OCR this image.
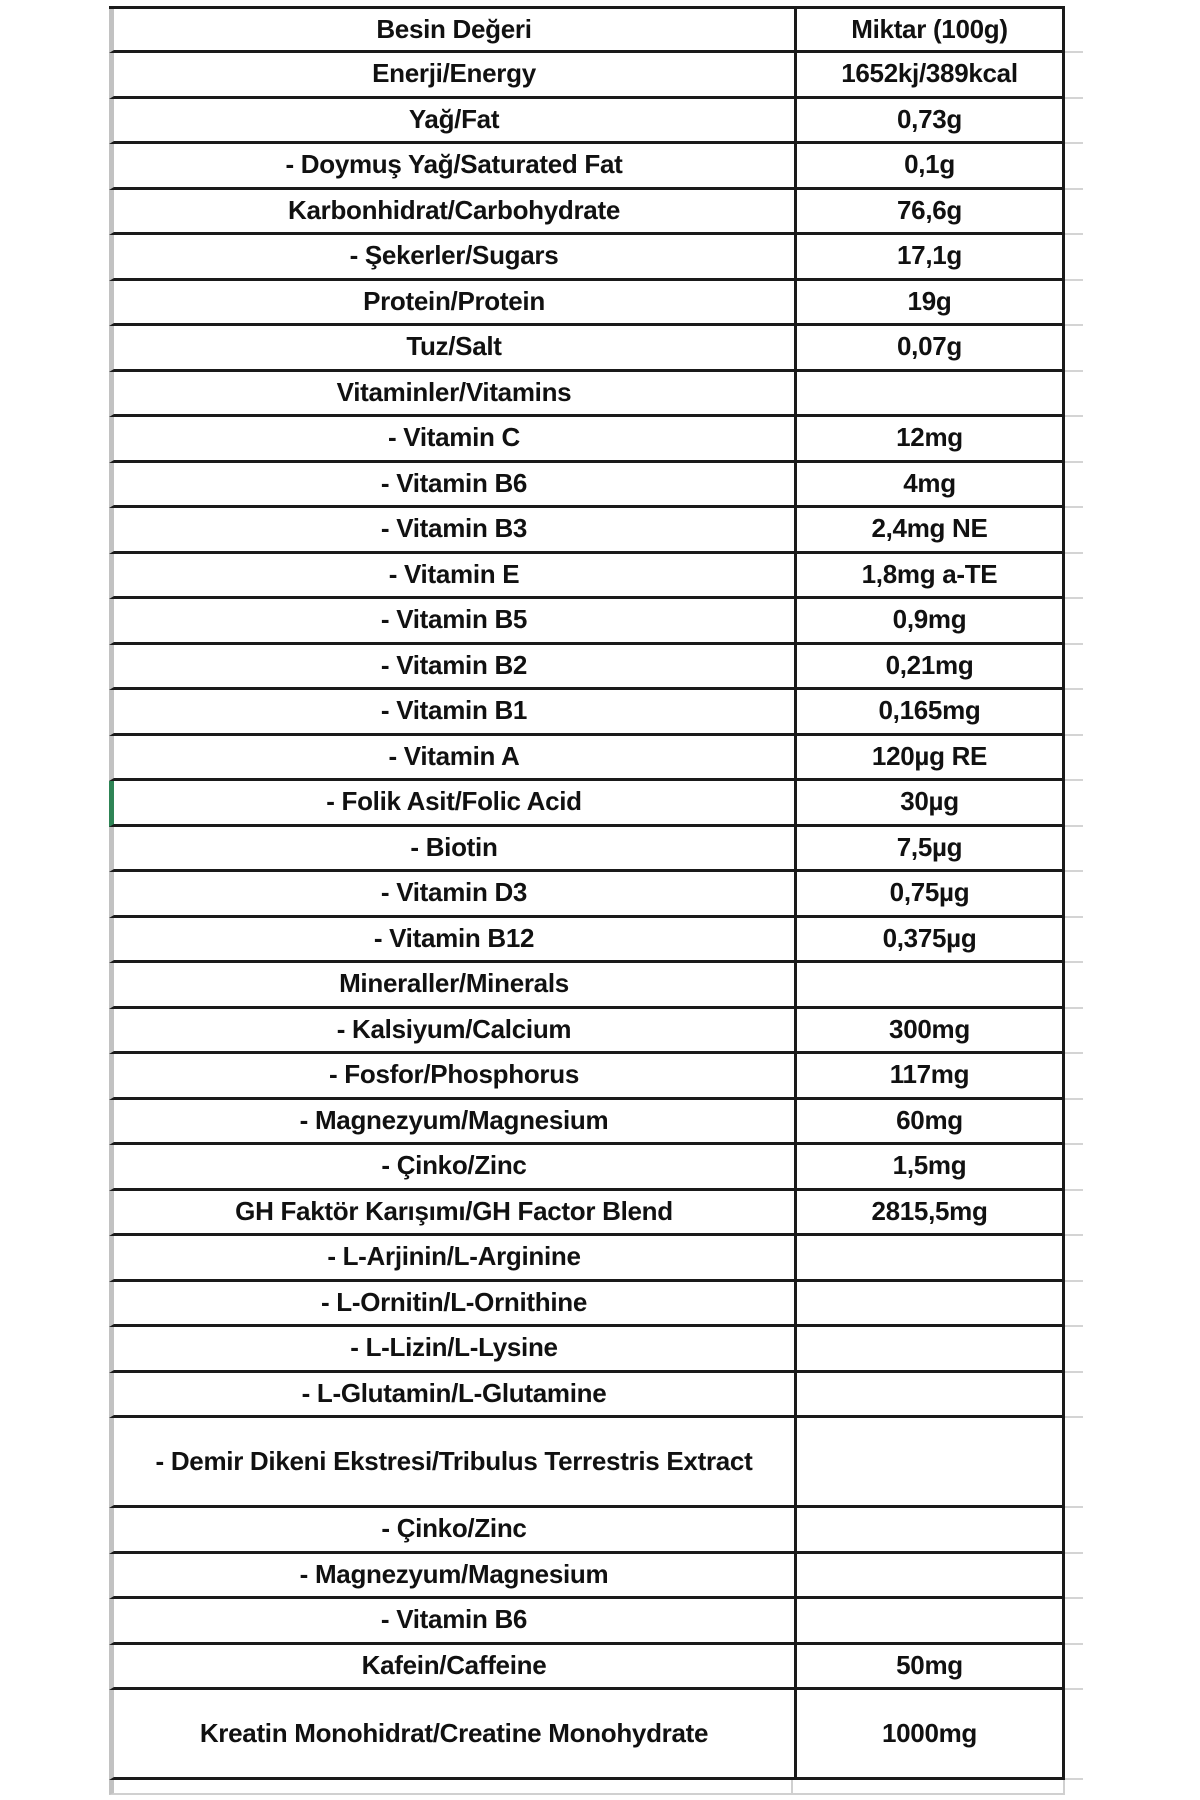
Besin Değeri	Miktar (100g)
Enerji/Energy	1652kj/389kcal
Yağ/Fat	0,73g
- Doymuş Yağ/Saturated Fat	0,1g
Karbonhidrat/Carbohydrate	76,6g
- Şekerler/Sugars	17,1g
Protein/Protein	19g
Tuz/Salt	0,07g
Vitaminler/Vitamins
- Vitamin C	12mg
- Vitamin B6	4mg
- Vitamin B3	2,4mg NE
- Vitamin E	1,8mg a-TE
- Vitamin B5	0,9mg
- Vitamin B2	0,21mg
- Vitamin B1	0,165mg
- Vitamin A	120µg RE
- Folik Asit/Folic Acid	30µg
- Biotin	7,5µg
- Vitamin D3	0,75µg
- Vitamin B12	0,375µg
Mineraller/Minerals
- Kalsiyum/Calcium	300mg
- Fosfor/Phosphorus	117mg
- Magnezyum/Magnesium	60mg
- Çinko/Zinc	1,5mg
GH Faktör Karışımı/GH Factor Blend	2815,5mg
- L-Arjinin/L-Arginine
- L-Ornitin/L-Ornithine
- L-Lizin/L-Lysine
- L-Glutamin/L-Glutamine
- Demir Dikeni Ekstresi/Tribulus Terrestris Extract
- Çinko/Zinc
- Magnezyum/Magnesium
- Vitamin B6
Kafein/Caffeine	50mg
Kreatin Monohidrat/Creatine Monohydrate	1000mg
